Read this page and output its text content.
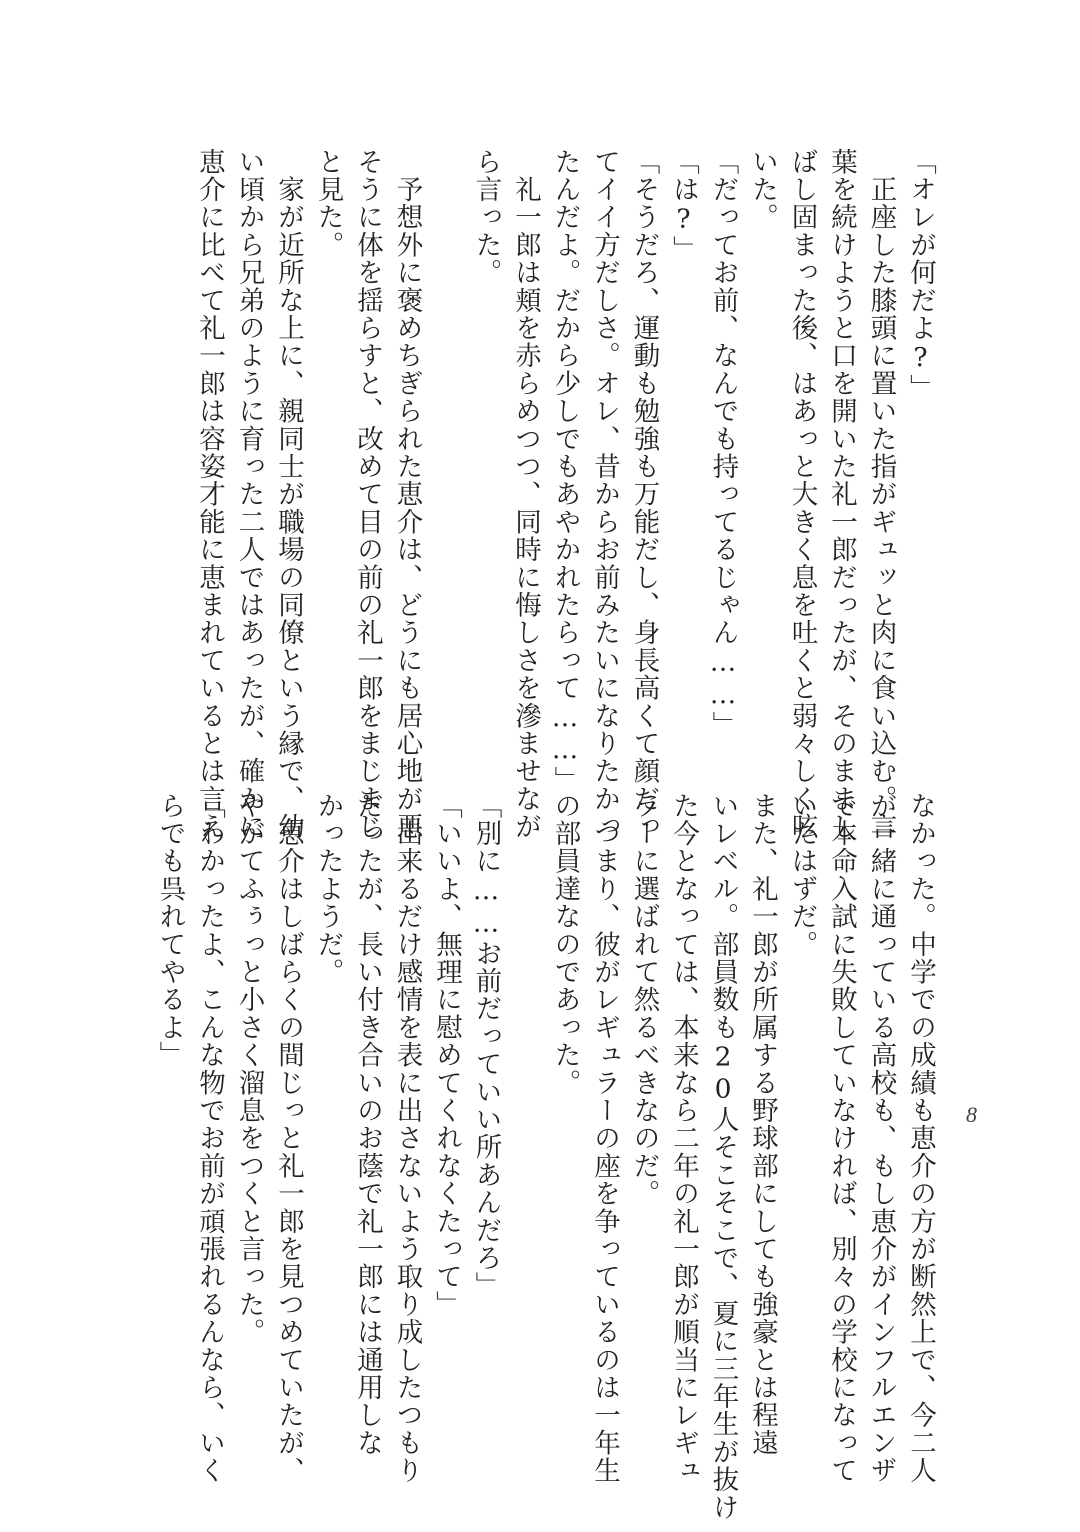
「オレが何だよ?」
　正座した膝頭に置いた指がギュッと肉に食い込む。言
葉を続けようと口を開いた礼一郎だったが、そのままし
ばし固まった後、はあっと大きく息を吐くと弱々しく呟
いた。
「だってお前、なんでも持ってるじゃん……」
「は?」
「そうだろ、運動も勉強も万能だし、身長高くて顔だっ
てイイ方だしさ。オレ、昔からお前みたいになりたかっ
たんだよ。だから少しでもあやかれたらって……」
　礼一郎は頬を赤らめつつ、同時に悔しさを滲ませなが
ら言った。
　予想外に褒めちぎられた恵介は、どうにも居心地が悪
そうに体を揺らすと、改めて目の前の礼一郎をまじまじ
と見た。
　家が近所な上に、親同士が職場の同僚という縁で、幼
い頃から兄弟のように育った二人ではあったが、確かに
恵介に比べて礼一郎は容姿才能に恵まれているとは言え
なかった。中学での成績も恵介の方が断然上で、今二人
が一緒に通っている高校も、もし恵介がインフルエンザ
で本命入試に失敗していなければ、別々の学校になって
いたはずだ。
また、礼一郎が所属する野球部にしても強豪とは程遠
いレベル。部員数も20人そこそこで、夏に三年生が抜け
た今となっては、本来なら二年の礼一郎が順当にレギュ
ラーに選ばれて然るべきなのだ。
　つまり、彼がレギュラーの座を争っているのは一年生
の部員達なのであった。
「別に……お前だっていい所あんだろ」
「いいよ、無理に慰めてくれなくたって」
　出来るだけ感情を表に出さないよう取り成したつもり
だったが、長い付き合いのお蔭で礼一郎には通用しな
かったようだ。
　恵介はしばらくの間じっと礼一郎を見つめていたが、
やがてふぅっと小さく溜息をつくと言った。
「わかったよ、こんな物でお前が頑張れるんなら、いく
らでも呉れてやるよ」
8
